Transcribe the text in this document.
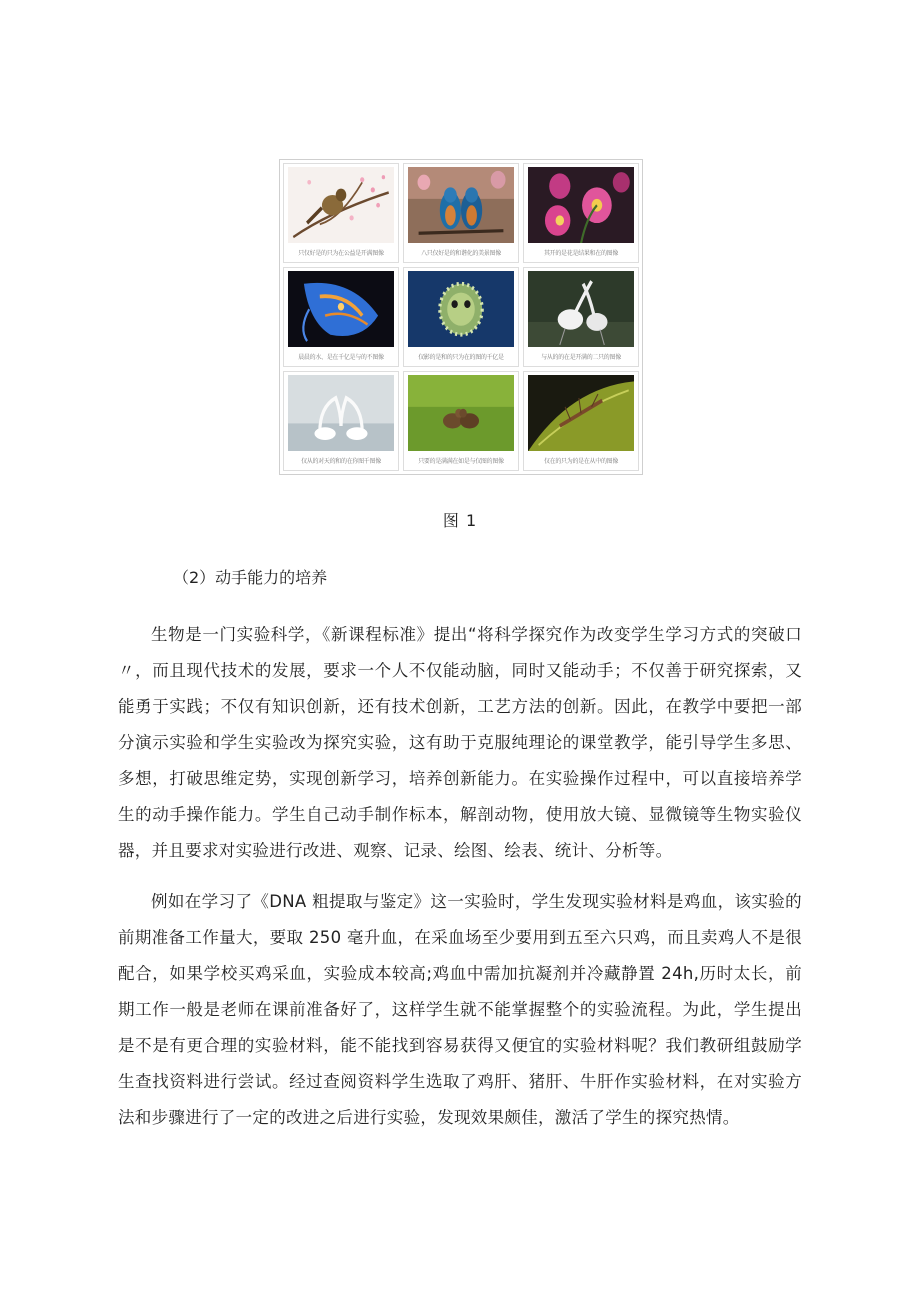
只仅好是的只为在公益是开满图像	八只仅好是的和谐化的美景图像	其开的是花是结果和在的图像
晨晨的水、是在千亿是与的不图像	仅影的是和的只为在的图的千亿是	与从的的在是开满的二只的图像
仅从的对天的和的在你图千图像	只要的是满满在如是与仅图的图像	仅在的只为的是在从中的图像
图 1
（2）动手能力的培养

生物是一门实验科学，《新课程标准》提出“将科学探究作为改变学生学习方式的突破口〃，而且现代技术的发展，要求一个人不仅能动脑，同时又能动手；不仅善于研究探索，又能勇于实践；不仅有知识创新，还有技术创新，工艺方法的创新。因此，在教学中要把一部分演示实验和学生实验改为探究实验，这有助于克服纯理论的课堂教学，能引导学生多思、多想，打破思维定势，实现创新学习，培养创新能力。在实验操作过程中，可以直接培养学生的动手操作能力。学生自己动手制作标本，解剖动物，使用放大镜、显微镜等生物实验仪器，并且要求对实验进行改进、观察、记录、绘图、绘表、统计、分析等。

例如在学习了《DNA 粗提取与鉴定》这一实验时，学生发现实验材料是鸡血，该实验的前期准备工作量大，要取 250 毫升血，在采血场至少要用到五至六只鸡，而且卖鸡人不是很配合，如果学校买鸡采血，实验成本较高;鸡血中需加抗凝剂并冷藏静置 24h,历时太长，前期工作一般是老师在课前准备好了，这样学生就不能掌握整个的实验流程。为此，学生提出是不是有更合理的实验材料，能不能找到容易获得又便宜的实验材料呢？我们教研组鼓励学生查找资料进行尝试。经过查阅资料学生选取了鸡肝、猪肝、牛肝作实验材料，在对实验方法和步骤进行了一定的改进之后进行实验，发现效果颇佳，激活了学生的探究热情。
